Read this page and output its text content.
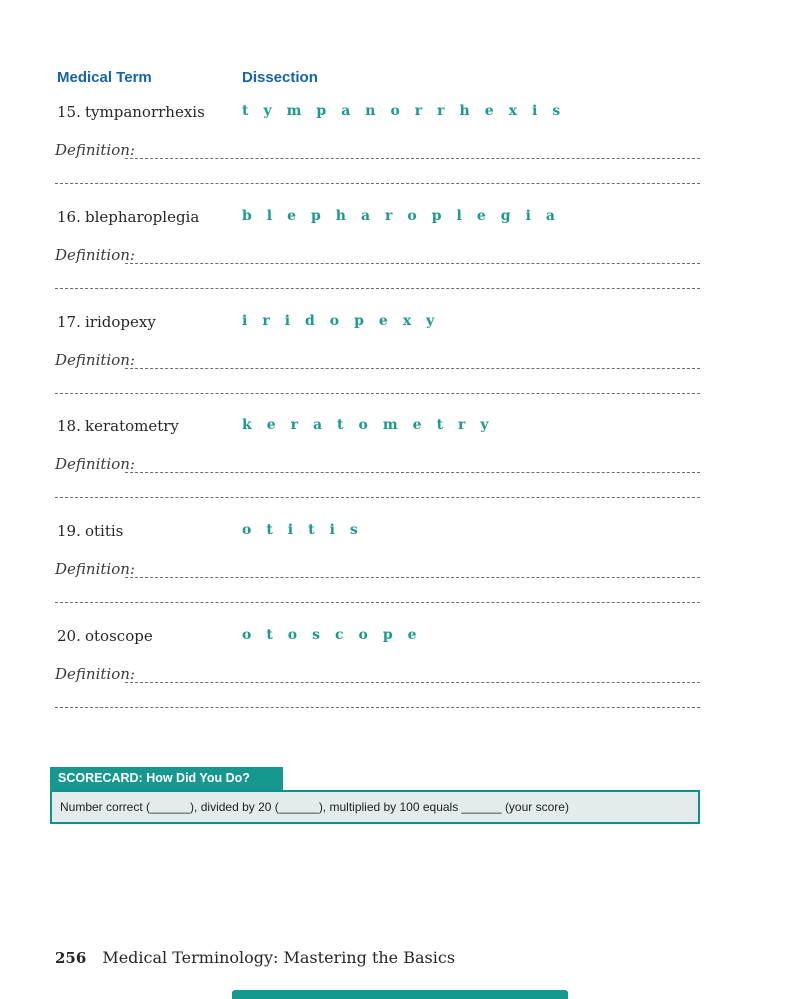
Medical Term	Dissection
15. tympanorrhexis	tympanorrhexis
Definition:
16. blepharoplegia	blepharoplegia
Definition:
17. iridopexy	iridopexy
Definition:
18. keratometry	keratometry
Definition:
19. otitis	otitis
Definition:
20. otoscope	otoscope
Definition:
SCORECARD: How Did You Do?
Number correct (______), divided by 20 (______), multiplied by 100 equals ______ (your score)
256 Medical Terminology: Mastering the Basics
